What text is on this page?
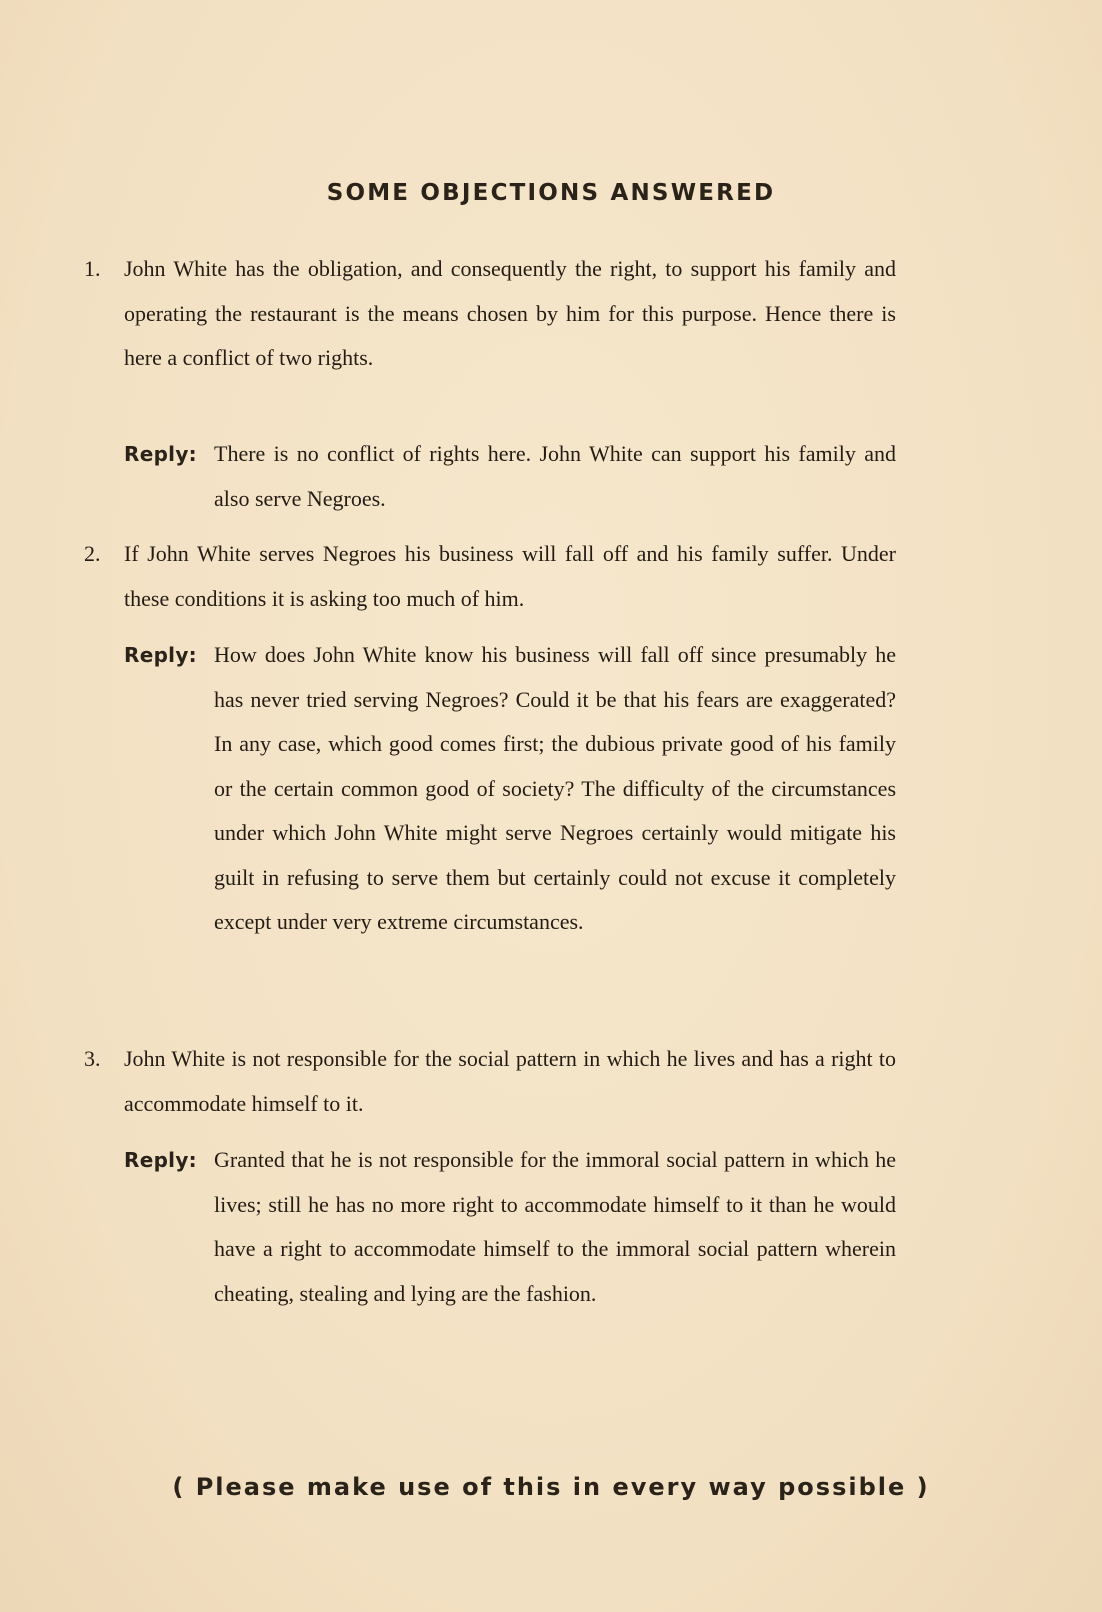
SOME OBJECTIONS ANSWERED
1.	John White has the obligation, and consequently the right, to support his family and operating the restaurant is the means chosen by him for this purpose. Hence there is here a conflict of two rights.
Reply: There is no conflict of rights here. John White can support his family and also serve Negroes.
2.	If John White serves Negroes his business will fall off and his family suffer. Under these conditions it is asking too much of him.
Reply: How does John White know his business will fall off since presumably he has never tried serving Negroes? Could it be that his fears are exaggerated? In any case, which good comes first; the dubious private good of his family or the certain common good of society? The difficulty of the circumstances under which John White might serve Negroes certainly would mitigate his guilt in refusing to serve them but certainly could not excuse it completely except under very extreme circumstances.
3.	John White is not responsible for the social pattern in which he lives and has a right to accommodate himself to it.
Reply: Granted that he is not responsible for the immoral social pattern in which he lives; still he has no more right to accommodate himself to it than he would have a right to accommodate himself to the immoral social pattern wherein cheating, stealing and lying are the fashion.
( Please make use of this in every way possible )
